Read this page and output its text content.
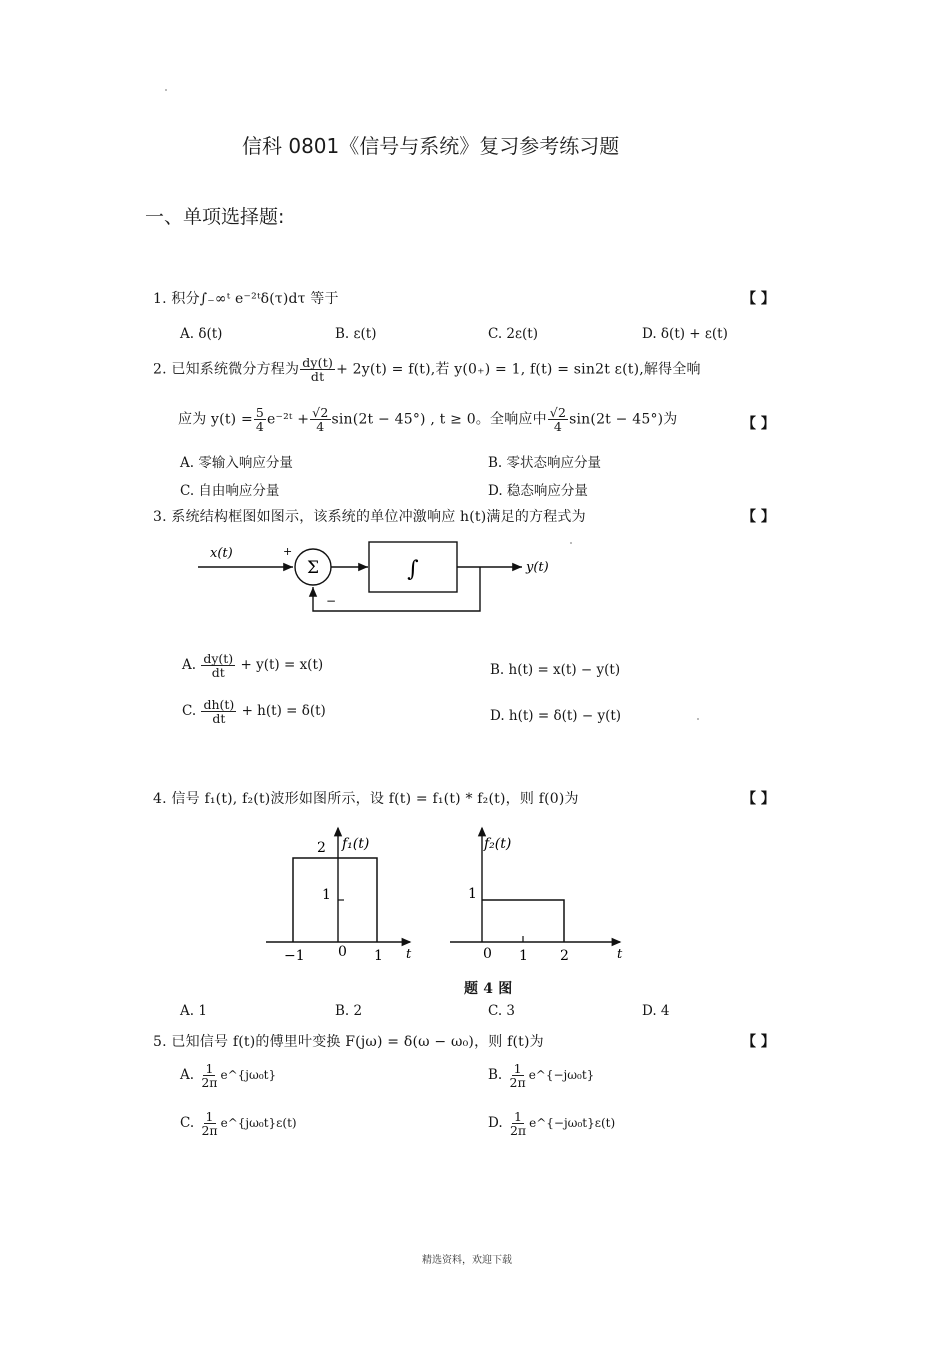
信科 0801《信号与系统》复习参考练习题
一、单项选择题:
1. 积分∫₋∞ᵗ e⁻²ᵗδ(τ)dτ 等于	【 】
A. δ(t)	B. ε(t)	C. 2ε(t)	D. δ(t) + ε(t)
2. 已知系统微分方程为 $\frac{dy(t)}{dt} + 2y(t) = f(t)$,若 y(0₊) = 1, f(t) = sin2t ε(t),解得全响
应为 $y(t) = \frac{5}{4}$ e⁻²ᵗ + $\frac{√2}{4} \sin(2t - 45^\circ)$ , t ≥ 0。全响应中 $\frac{√2}{4} \sin(2t - 45^\circ)$为	【 】
A. 零输入响应分量	B. 零状态响应分量
C. 自由响应分量	D. 稳态响应分量
3. 系统结构框图如图示，该系统的单位冲激响应 h(t)满足的方程式为	【 】
x(t)	+
Σ	∫	y(t)
−
A. $\frac{dy(t)}{dt} + y(t) = x(t)$	B. h(t) = x(t) − y(t)
C. $\frac{dh(t)}{dt} + h(t) = \delta(t)$	D. h(t) = δ(t) − y(t)
4. 信号 f₁(t), f₂(t)波形如图所示，设 f(t) = f₁(t) * f₂(t)，则 f(0)为	【 】
f₁(t)
2
1
−1 0 1 t
f₂(t)
1
0 1 2	t
题 4 图
A. 1	B. 2	C. 3	D. 4
5. 已知信号 f(t)的傅里叶变换 F(jω) = δ(ω − ω₀)，则 f(t)为	【 】
A. $\frac{1}{2\pi}$ e^{jω₀t}	B. $\frac{1}{2\pi}$ e^{−jω₀t}
C. $\frac{1}{2\pi}$ e^{jω₀t}ε(t)	D. $\frac{1}{2\pi}$ e^{−jω₀t}ε(t)
精选资料，欢迎下载
